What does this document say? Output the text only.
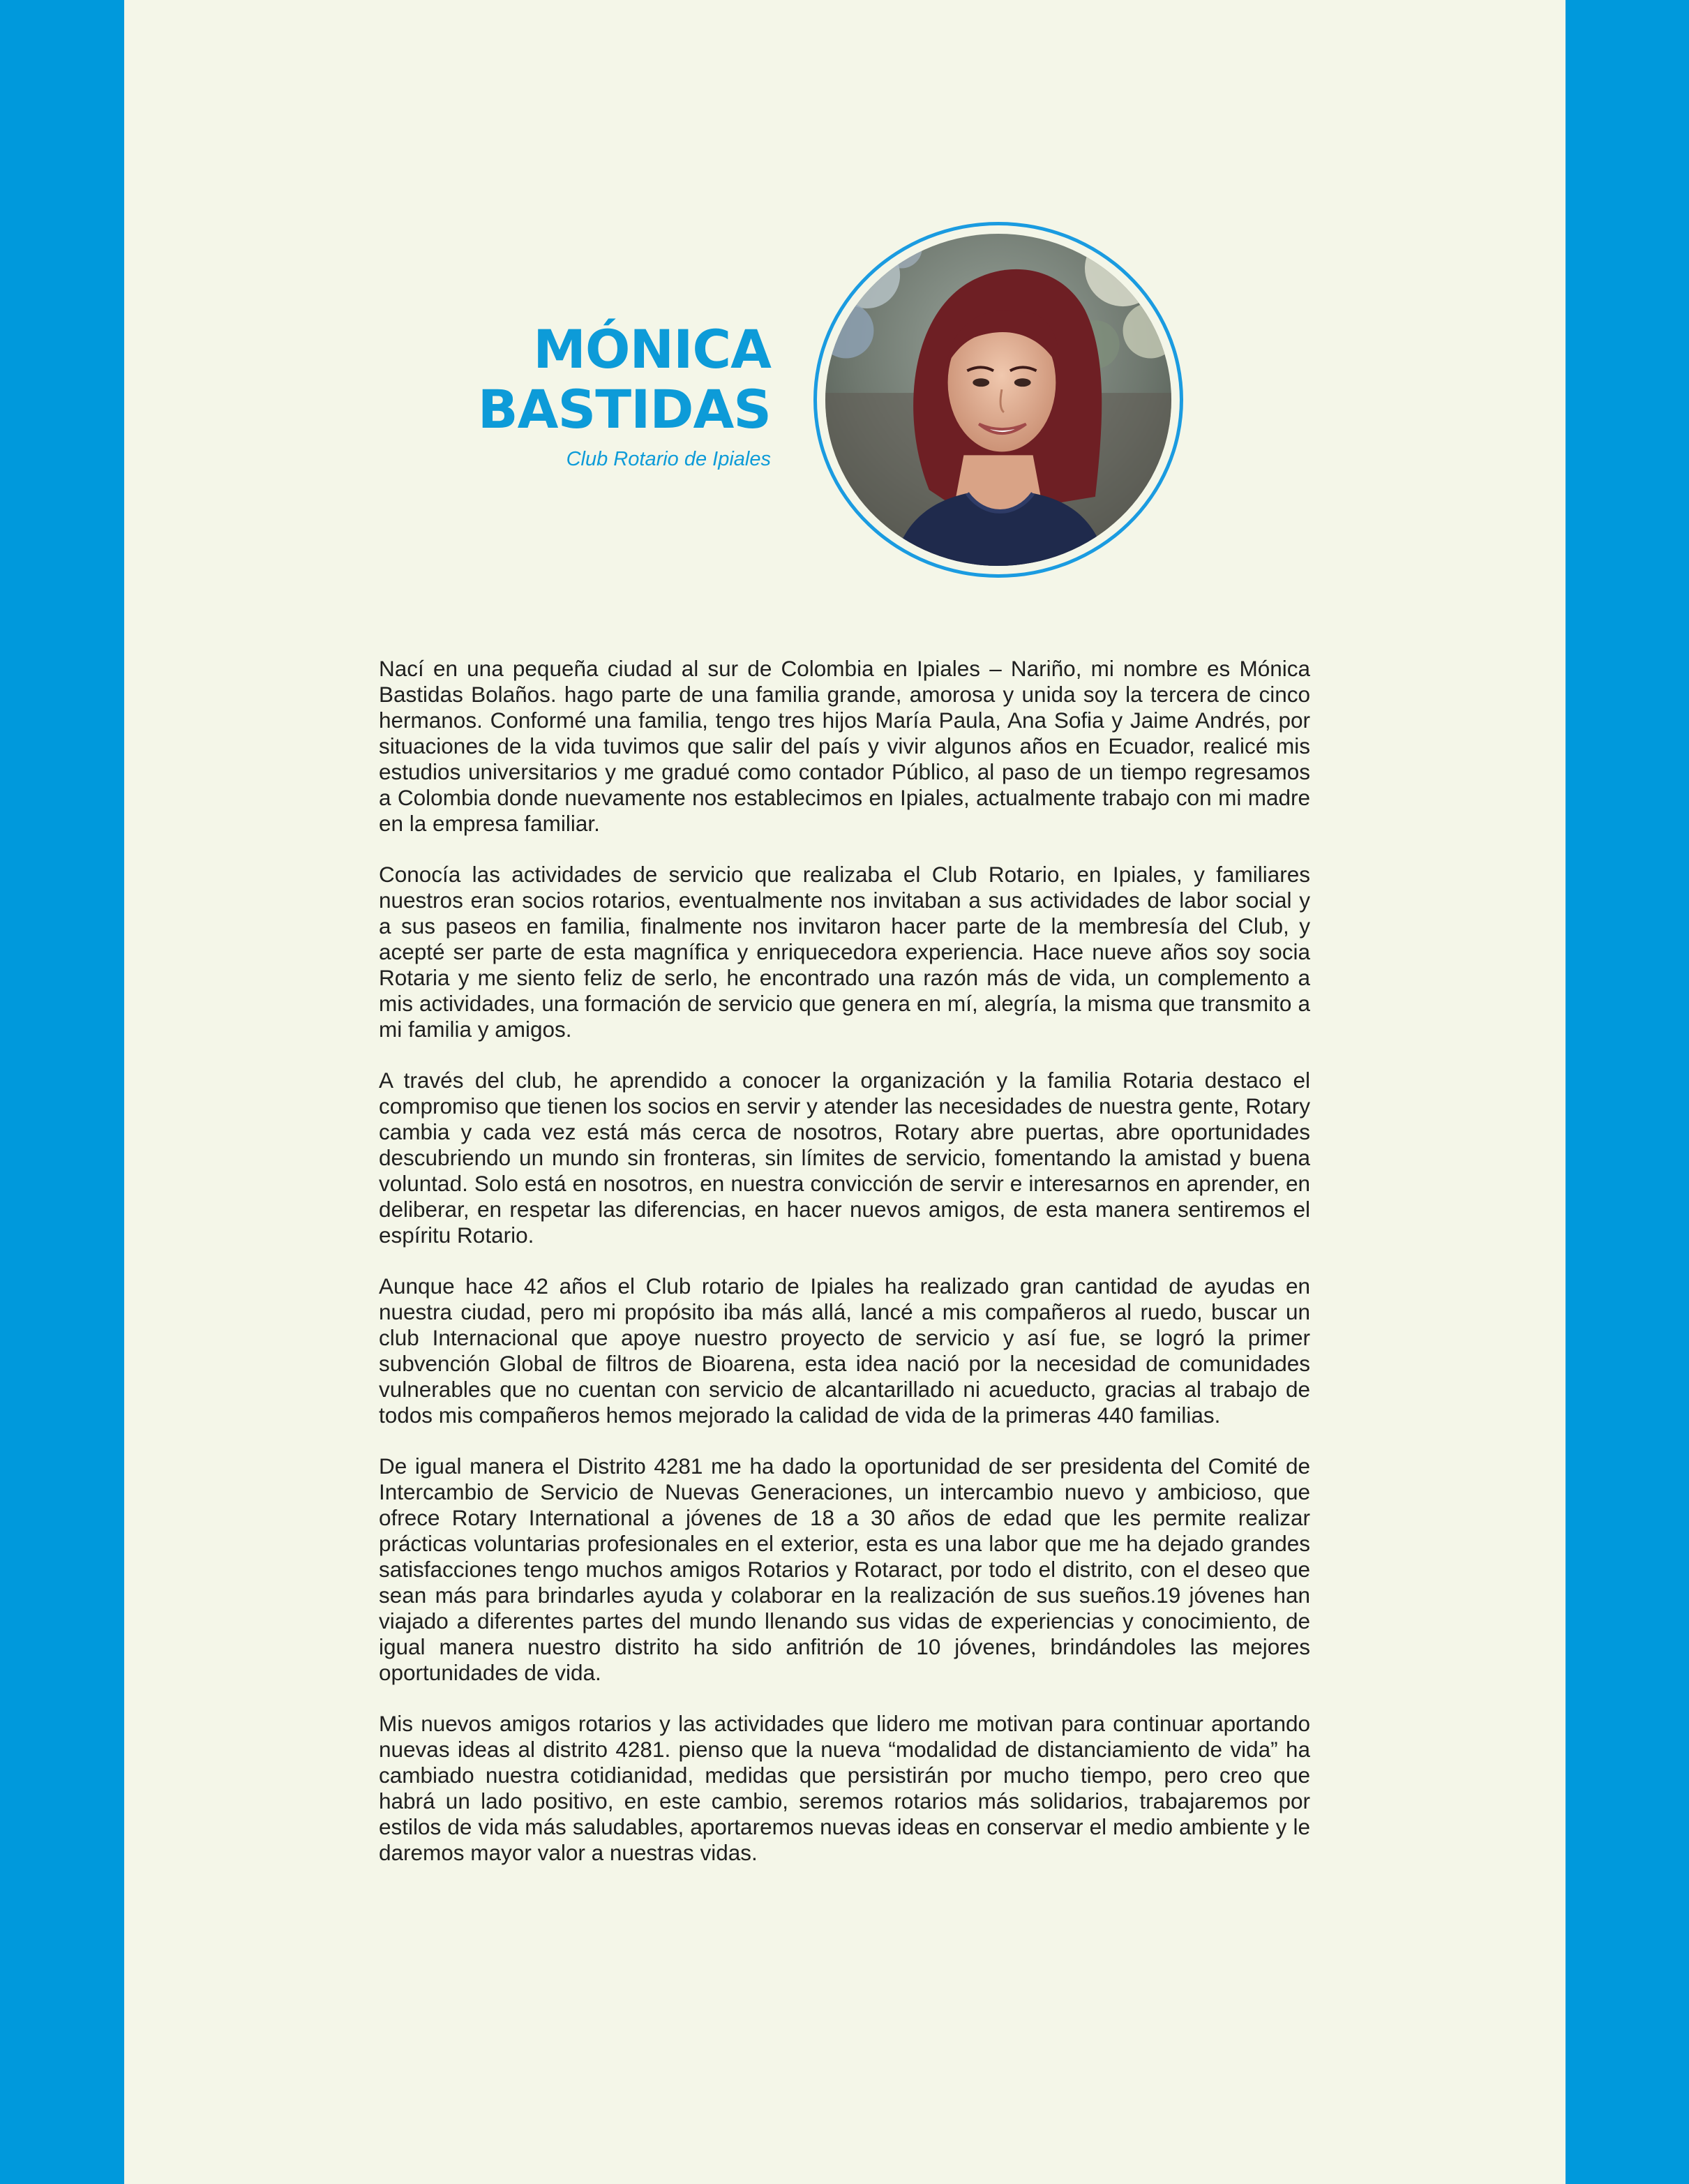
MÓNICA
BASTIDAS
Club Rotario de Ipiales

Nací en una pequeña ciudad al sur de Colombia en Ipiales – Nariño, mi nombre es Mónica Bastidas Bolaños. hago parte de una familia grande, amorosa y unida soy la tercera de cinco hermanos. Conformé una familia, tengo tres hijos María Paula, Ana Sofia y Jaime Andrés, por situaciones de la vida tuvimos que salir del país y vivir algunos años en Ecuador, realicé mis estudios universitarios y me gradué como contador Público, al paso de un tiempo regresamos a Colombia donde nuevamente nos establecimos en Ipiales, actualmente trabajo con mi madre en la empresa familiar.

Conocía las actividades de servicio que realizaba el Club Rotario, en Ipiales, y familiares nuestros eran socios rotarios, eventualmente nos invitaban a sus actividades de labor social y a sus paseos en familia, finalmente nos invitaron hacer parte de la membresía del Club, y acepté ser parte de esta magnífica y enriquecedora experiencia. Hace nueve años soy socia Rotaria y me siento feliz de serlo, he encontrado una razón más de vida, un complemento a mis actividades, una formación de servicio que genera en mí, alegría, la misma que transmito a mi familia y amigos.

A través del club, he aprendido a conocer la organización y la familia Rotaria destaco el compromiso que tienen los socios en servir y atender las necesidades de nuestra gente, Rotary cambia y cada vez está más cerca de nosotros, Rotary abre puertas, abre oportunidades descubriendo un mundo sin fronteras, sin límites de servicio, fomentando la amistad y buena voluntad. Solo está en nosotros, en nuestra convicción de servir e interesarnos en aprender, en deliberar, en respetar las diferencias, en hacer nuevos amigos, de esta manera sentiremos el espíritu Rotario.

Aunque hace 42 años el Club rotario de Ipiales ha realizado gran cantidad de ayudas en nuestra ciudad, pero mi propósito iba más allá, lancé a mis compañeros al ruedo, buscar un club Internacional que apoye nuestro proyecto de servicio y así fue, se logró la primer subvención Global de filtros de Bioarena, esta idea nació por la necesidad de comunidades vulnerables que no cuentan con servicio de alcantarillado ni acueducto, gracias al trabajo de todos mis compañeros hemos mejorado la calidad de vida de la primeras 440 familias.

De igual manera el Distrito 4281 me ha dado la oportunidad de ser presidenta del Comité de Intercambio de Servicio de Nuevas Generaciones, un intercambio nuevo y ambicioso, que ofrece Rotary International a jóvenes de 18 a 30 años de edad que les permite realizar prácticas voluntarias profesionales en el exterior, esta es una labor que me ha dejado grandes satisfacciones tengo muchos amigos Rotarios y Rotaract, por todo el distrito, con el deseo que sean más para brindarles ayuda y colaborar en la realización de sus sueños.19 jóvenes han viajado a diferentes partes del mundo llenando sus vidas de experiencias y conocimiento, de igual manera nuestro distrito ha sido anfitrión de 10 jóvenes, brindándoles las mejores oportunidades de vida.

Mis nuevos amigos rotarios y las actividades que lidero me motivan para continuar aportando nuevas ideas al distrito 4281. pienso que la nueva “modalidad de distanciamiento de vida” ha cambiado nuestra cotidianidad, medidas que persistirán por mucho tiempo, pero creo que habrá un lado positivo, en este cambio, seremos rotarios más solidarios, trabajaremos por estilos de vida más saludables, aportaremos nuevas ideas en conservar el medio ambiente y le daremos mayor valor a nuestras vidas.
